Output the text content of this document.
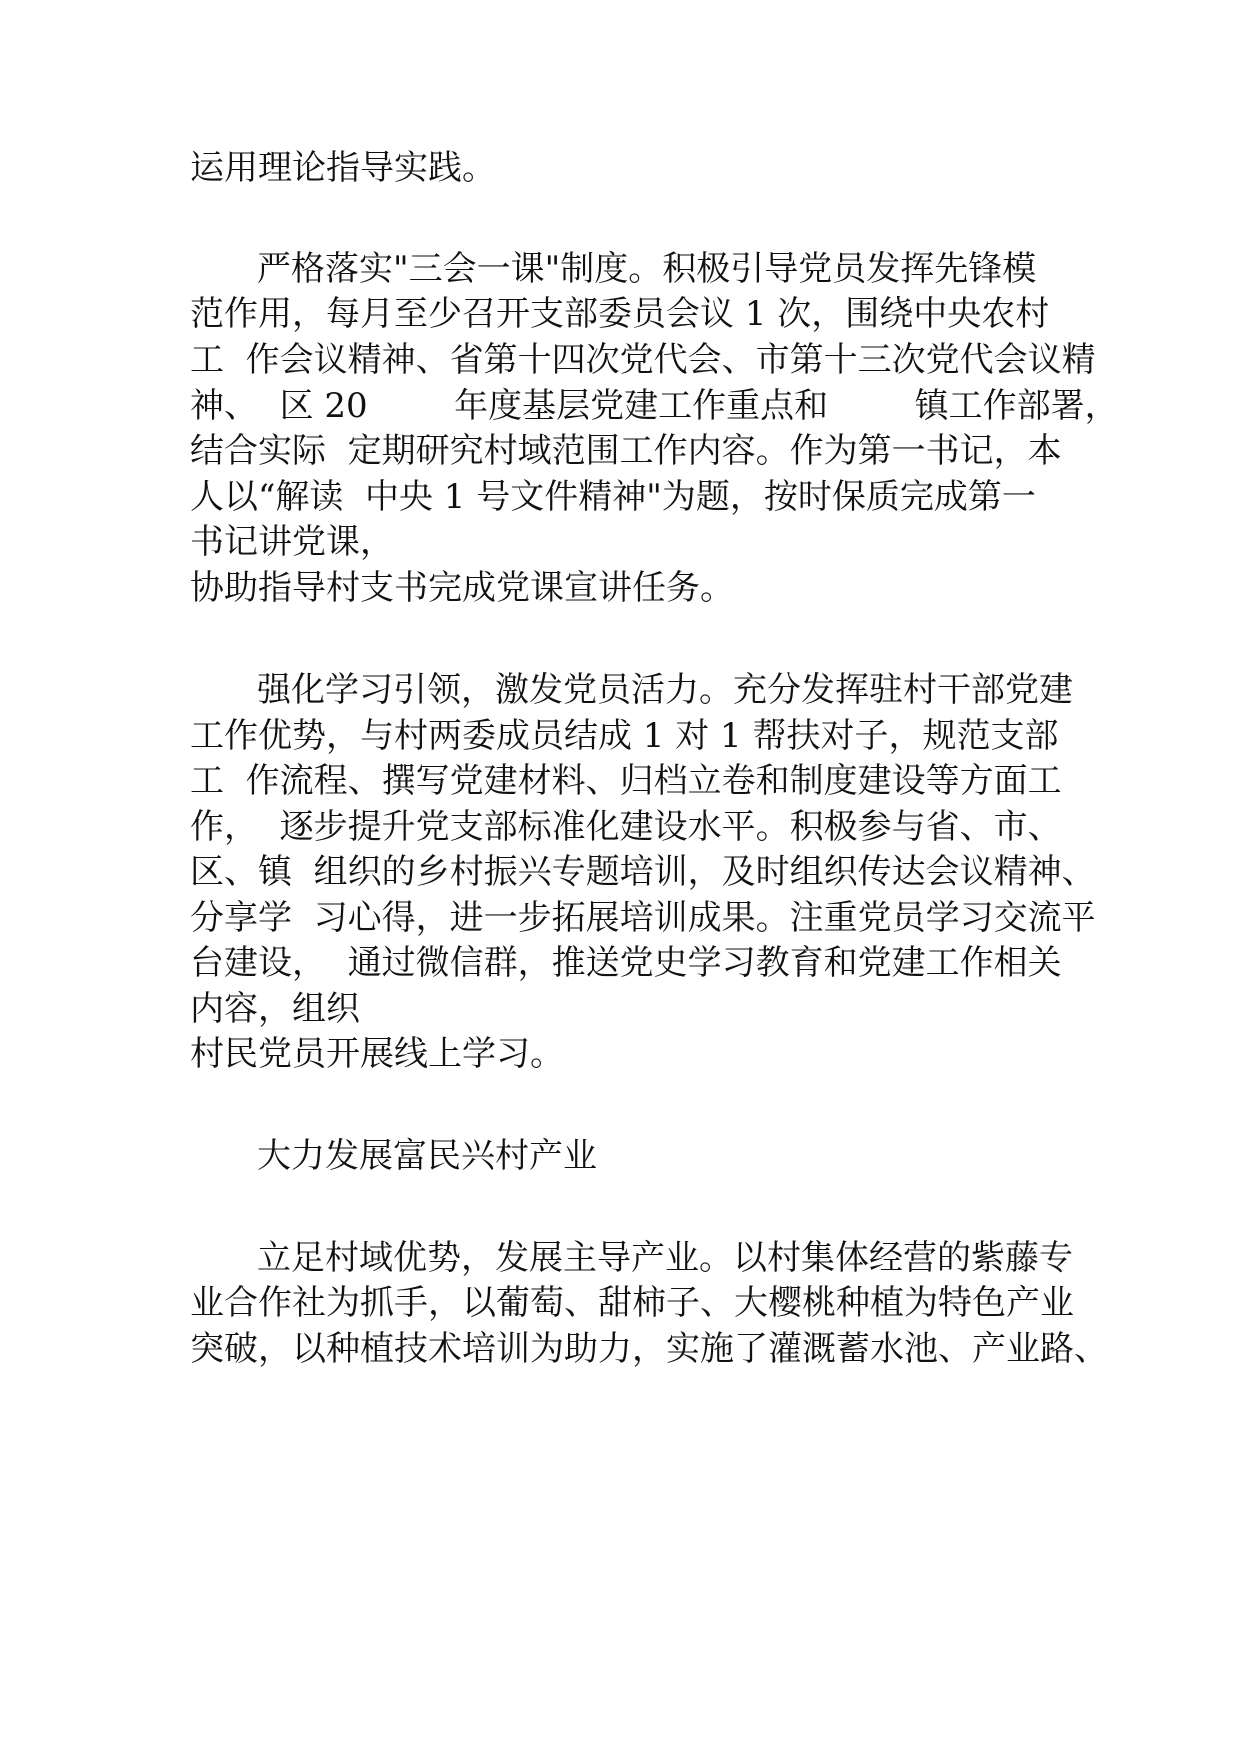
运用理论指导实践。

严格落实"三会一课"制度。积极引导党员发挥先锋模

范作用，每月至少召开支部委员会议 1 次，围绕中央农村

工  作会议精神、省第十四次党代会、市第十三次党代会议精

神、  区 20        年度基层党建工作重点和        镇工作部署，

结合实际  定期研究村域范围工作内容。作为第一书记，本

人以“解读  中央 1 号文件精神"为题，按时保质完成第一

书记讲党课，

协助指导村支书完成党课宣讲任务。

强化学习引领，激发党员活力。充分发挥驻村干部党建

工作优势，与村两委成员结成 1 对 1 帮扶对子，规范支部

工  作流程、撰写党建材料、归档立卷和制度建设等方面工

作，  逐步提升党支部标准化建设水平。积极参与省、市、

区、镇  组织的乡村振兴专题培训，及时组织传达会议精神、

分享学  习心得，进一步拓展培训成果。注重党员学习交流平

台建设，  通过微信群，推送党史学习教育和党建工作相关

内容，组织

村民党员开展线上学习。

大力发展富民兴村产业

立足村域优势，发展主导产业。以村集体经营的紫藤专

业合作社为抓手，以葡萄、甜柿子、大樱桃种植为特色产业

突破，以种植技术培训为助力，实施了灌溉蓄水池、产业路、
